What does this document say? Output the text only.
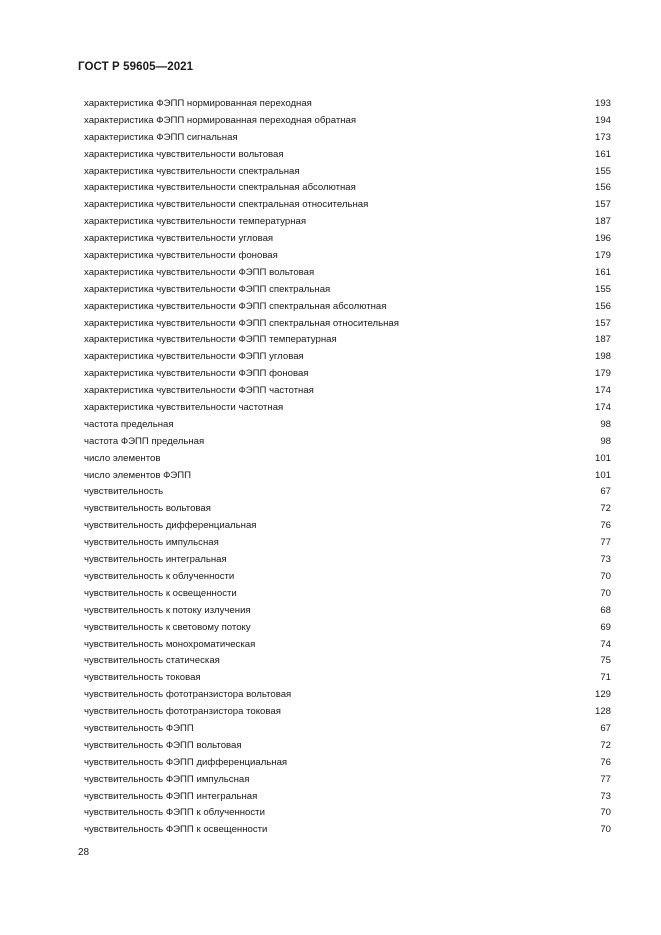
ГОСТ Р 59605—2021
характеристика ФЭПП нормированная переходная	193
характеристика ФЭПП нормированная переходная обратная	194
характеристика ФЭПП сигнальная	173
характеристика чувствительности вольтовая	161
характеристика чувствительности спектральная	155
характеристика чувствительности спектральная абсолютная	156
характеристика чувствительности спектральная относительная	157
характеристика чувствительности температурная	187
характеристика чувствительности угловая	196
характеристика чувствительности фоновая	179
характеристика чувствительности ФЭПП вольтовая	161
характеристика чувствительности ФЭПП спектральная	155
характеристика чувствительности ФЭПП спектральная абсолютная	156
характеристика чувствительности ФЭПП спектральная относительная	157
характеристика чувствительности ФЭПП температурная	187
характеристика чувствительности ФЭПП угловая	198
характеристика чувствительности ФЭПП фоновая	179
характеристика чувствительности ФЭПП частотная	174
характеристика чувствительности частотная	174
частота предельная	98
частота ФЭПП предельная	98
число элементов	101
число элементов ФЭПП	101
чувствительность	67
чувствительность вольтовая	72
чувствительность дифференциальная	76
чувствительность импульсная	77
чувствительность интегральная	73
чувствительность к облученности	70
чувствительность к освещенности	70
чувствительность к потоку излучения	68
чувствительность к световому потоку	69
чувствительность монохроматическая	74
чувствительность статическая	75
чувствительность токовая	71
чувствительность фототранзистора вольтовая	129
чувствительность фототранзистора токовая	128
чувствительность ФЭПП	67
чувствительность ФЭПП вольтовая	72
чувствительность ФЭПП дифференциальная	76
чувствительность ФЭПП импульсная	77
чувствительность ФЭПП интегральная	73
чувствительность ФЭПП к облученности	70
чувствительность ФЭПП к освещенности	70
28
